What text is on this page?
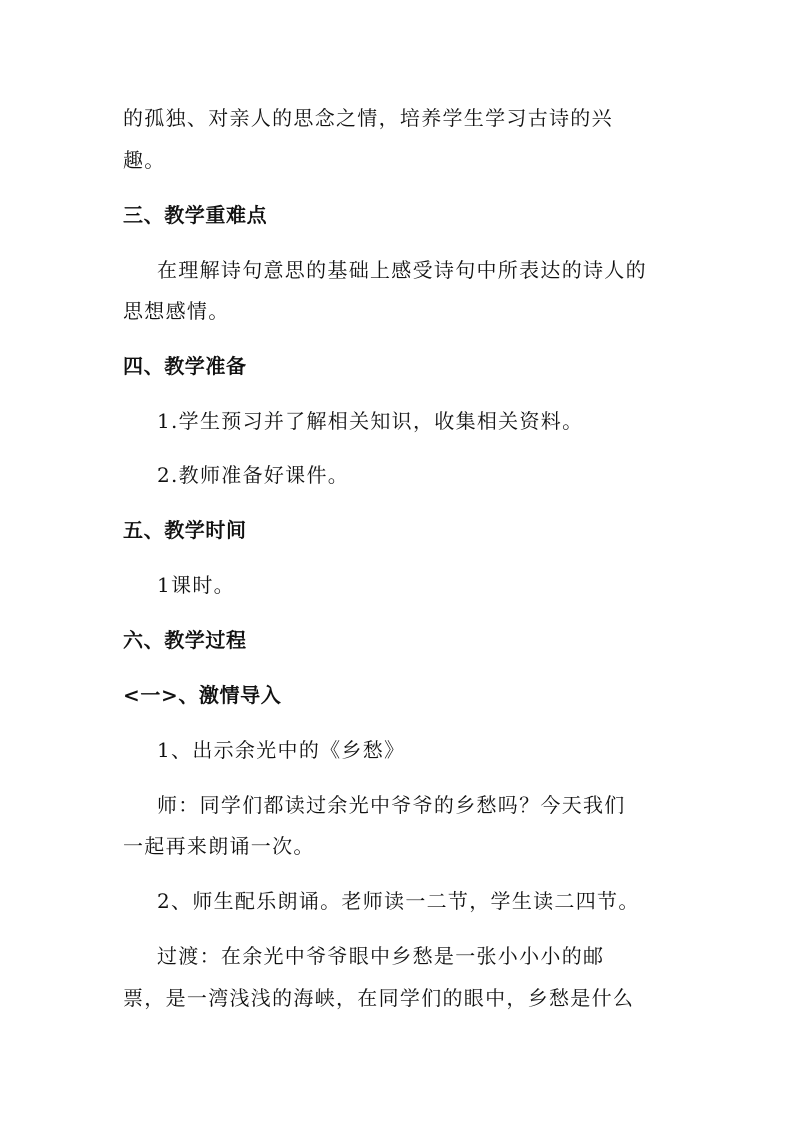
的孤独、对亲人的思念之情，培养学生学习古诗的兴
趣。
三、教学重难点
在理解诗句意思的基础上感受诗句中所表达的诗人的
思想感情。
四、教学准备
1.学生预习并了解相关知识，收集相关资料。
2.教师准备好课件。
五、教学时间
1课时。
六、教学过程
<一>、激情导入
1、出示余光中的《乡愁》
师：同学们都读过余光中爷爷的乡愁吗？今天我们
一起再来朗诵一次。
2、师生配乐朗诵。老师读一二节，学生读二四节。
过渡：在余光中爷爷眼中乡愁是一张小小小的邮
票，是一湾浅浅的海峡，在同学们的眼中，乡愁是什么
